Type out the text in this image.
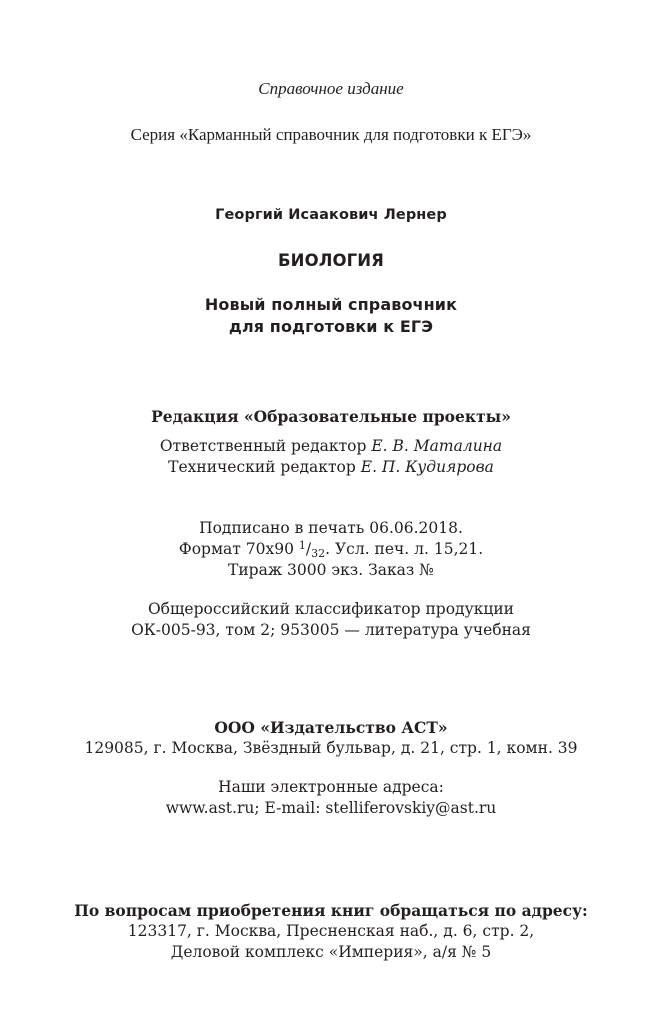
Справочное издание
Серия «Карманный справочник для подготовки к ЕГЭ»
Георгий Исаакович Лернер
БИОЛОГИЯ
Новый полный справочник
для подготовки к ЕГЭ
Редакция «Образовательные проекты»
Ответственный редактор Е. В. Маталина
Технический редактор Е. П. Кудиярова
Подписано в печать 06.06.2018.
Формат 70х90 $^1/_{32}$. Усл. печ. л. 15,21.
Тираж 3000 экз. Заказ №
Общероссийский классификатор продукции
ОК-005-93, том 2; 953005 — литература учебная
ООО «Издательство АСТ»
129085, г. Москва, Звёздный бульвар, д. 21, стр. 1, комн. 39
Наши электронные адреса:
www.ast.ru; E-mail: stelliferovskiy@ast.ru
По вопросам приобретения книг обращаться по адресу:
123317, г. Москва, Пресненская наб., д. 6, стр. 2,
Деловой комплекс «Империя», а/я № 5
